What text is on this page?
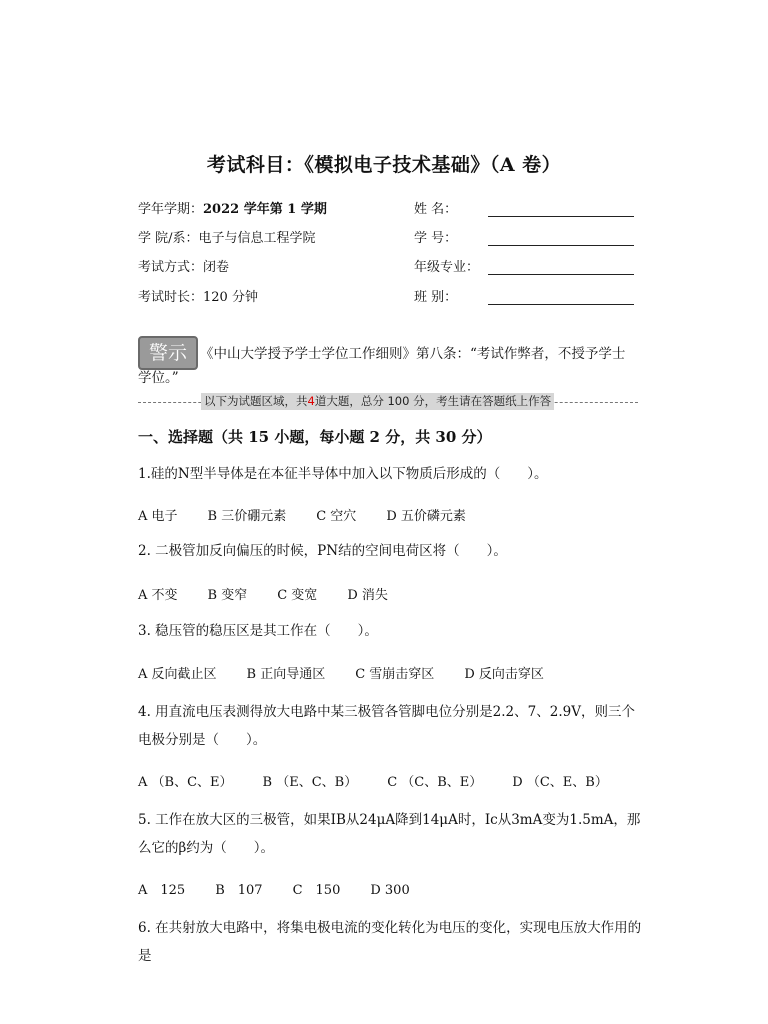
考试科目：《模拟电子技术基础》（A 卷）
学年学期：2022 学年第 1 学期
学 院/系：电子与信息工程学院
考试方式：闭卷
考试时长：120 分钟
姓 名：
学 号：
年级专业：
班 别：
《中山大学授予学士学位工作细则》第八条：“考试作弊者，不授予学士学位。”
警示
以下为试题区域，共4道大题，总分 100 分，考生请在答题纸上作答
一、选择题（共 15 小题，每小题 2 分，共 30 分）
1.硅的N型半导体是在本征半导体中加入以下物质后形成的（　　）。
A 电子 B 三价硼元素 C 空穴 D 五价磷元素
2. 二极管加反向偏压的时候，PN结的空间电荷区将（　　）。
A 不变 B 变窄 C 变宽 D 消失
3. 稳压管的稳压区是其工作在（　　）。
A 反向截止区 B 正向导通区 C 雪崩击穿区 D 反向击穿区
4. 用直流电压表测得放大电路中某三极管各管脚电位分别是2.2、7、2.9V，则三个电极分别是（　　）。
A （B、C、E） B （E、C、B） C （C、B、E） D （C、E、B）
5. 工作在放大区的三极管，如果IB从24μA降到14μA时，Ic从3mA变为1.5mA，那么它的β约为（　　）。
A　125 B　107 C　150 D 300
6. 在共射放大电路中，将集电极电流的变化转化为电压的变化，实现电压放大作用的是
